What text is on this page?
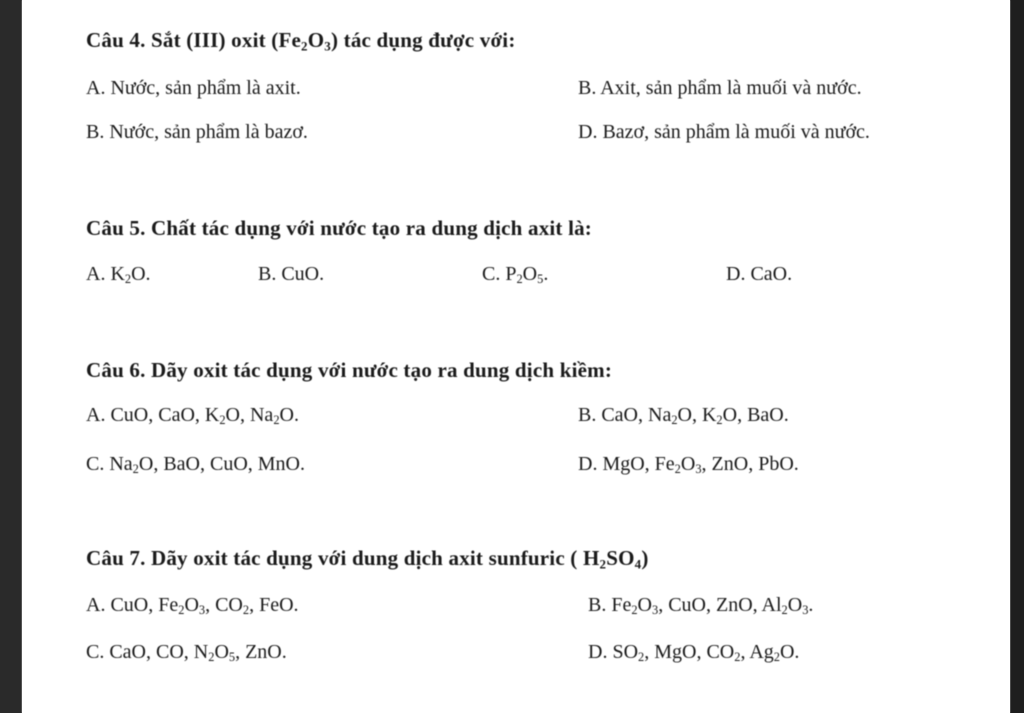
Câu 4. Sắt (III) oxit $(Fe_2O_3)$ tác dụng được với:
A. Nước, sản phẩm là axit.	B. Axit, sản phẩm là muối và nước.
B. Nước, sản phẩm là bazơ.	D. Bazơ, sản phẩm là muối và nước.
Câu 5. Chất tác dụng với nước tạo ra dung dịch axit là:
A. $K_2O$.	B. CuO.	C. $P_2O_5$.	D. CaO.
Câu 6. Dãy oxit tác dụng với nước tạo ra dung dịch kiềm:
A. CuO, CaO, $K_2O$, $Na_2O$.	B. CaO, $Na_2O$, $K_2O$, BaO.
C. $Na_2O$, BaO, CuO, MnO.	D. MgO, $Fe_2O_3$, ZnO, PbO.
Câu 7. Dãy oxit tác dụng với dung dịch axit sunfuric ( $H_2SO_4$)
A. CuO, $Fe_2O_3$, $CO_2$, FeO.	B. $Fe_2O_3$, CuO, ZnO, $Al_2O_3$.
C. CaO, CO, $N_2O_5$, ZnO.	D. $SO_2$, MgO, $CO_2$, $Ag_2O$.
